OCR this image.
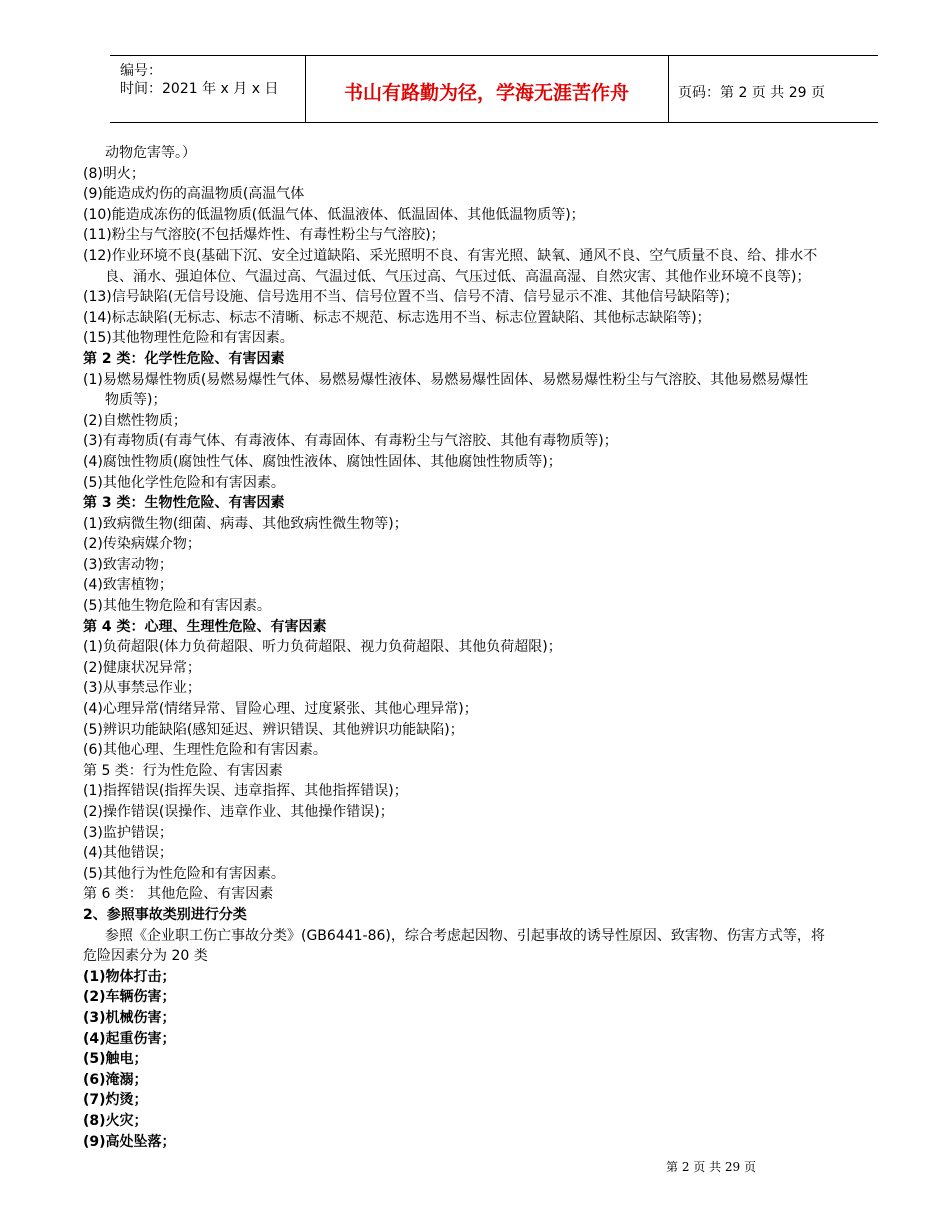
编号：
时间：2021 年 x 月 x 日	书山有路勤为径，学海无涯苦作舟	页码：第 2 页 共 29 页
动物危害等。）
(8)明火；
(9)能造成灼伤的高温物质(高温气体
(10)能造成冻伤的低温物质(低温气体、低温液体、低温固体、其他低温物质等)；
(11)粉尘与气溶胶(不包括爆炸性、有毒性粉尘与气溶胶)；
(12)作业环境不良(基础下沉、安全过道缺陷、采光照明不良、有害光照、缺氧、通风不良、空气质量不良、给、排水不
良、涌水、强迫体位、气温过高、气温过低、气压过高、气压过低、高温高湿、自然灾害、其他作业环境不良等)；
(13)信号缺陷(无信号设施、信号选用不当、信号位置不当、信号不清、信号显示不准、其他信号缺陷等)；
(14)标志缺陷(无标志、标志不清晰、标志不规范、标志选用不当、标志位置缺陷、其他标志缺陷等)；
(15)其他物理性危险和有害因素。
第 2 类：化学性危险、有害因素
(1)易燃易爆性物质(易燃易爆性气体、易燃易爆性液体、易燃易爆性固体、易燃易爆性粉尘与气溶胶、其他易燃易爆性
物质等)；
(2)自燃性物质；
(3)有毒物质(有毒气体、有毒液体、有毒固体、有毒粉尘与气溶胶、其他有毒物质等)；
(4)腐蚀性物质(腐蚀性气体、腐蚀性液体、腐蚀性固体、其他腐蚀性物质等)；
(5)其他化学性危险和有害因素。
第 3 类：生物性危险、有害因素
(1)致病微生物(细菌、病毒、其他致病性微生物等)；
(2)传染病媒介物；
(3)致害动物；
(4)致害植物；
(5)其他生物危险和有害因素。
第 4 类：心理、生理性危险、有害因素
(1)负荷超限(体力负荷超限、听力负荷超限、视力负荷超限、其他负荷超限)；
(2)健康状况异常；
(3)从事禁忌作业；
(4)心理异常(情绪异常、冒险心理、过度紧张、其他心理异常)；
(5)辨识功能缺陷(感知延迟、辨识错误、其他辨识功能缺陷)；
(6)其他心理、生理性危险和有害因素。
第 5 类：行为性危险、有害因素
(1)指挥错误(指挥失误、违章指挥、其他指挥错误)；
(2)操作错误(误操作、违章作业、其他操作错误)；
(3)监护错误；
(4)其他错误；
(5)其他行为性危险和有害因素。
第 6 类： 其他危险、有害因素
2、参照事故类别进行分类
参照《企业职工伤亡事故分类》(GB6441-86)，综合考虑起因物、引起事故的诱导性原因、致害物、伤害方式等，将
危险因素分为 20 类
(1)物体打击；
(2)车辆伤害；
(3)机械伤害；
(4)起重伤害；
(5)触电；
(6)淹溺；
(7)灼烫；
(8)火灾；
(9)高处坠落；
第 2 页 共 29 页
